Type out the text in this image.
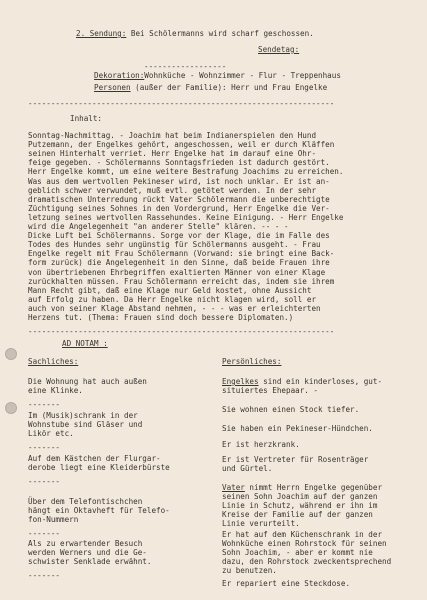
2. Sendung: Bei Schölermanns wird scharf geschossen.
Sendetag:
------------------
Dekoration:Wohnküche - Wohnzimmer - Flur - Treppenhaus
Personen (außer der Familie): Herr und Frau Engelke
-------------------------------------------------------------------
Inhalt:
Sonntag-Nachmittag. - Joachim hat beim Indianerspielen den Hund
Putzemann, der Engelkes gehört, angeschossen, weil er durch Kläffen
seinen Hinterhalt verriet. Herr Engelke hat im darauf eine Ohr-
feige gegeben. - Schölermanns Sonntagsfrieden ist dadurch gestört.
Herr Engelke kommt, um eine weitere Bestrafung Joachims zu erreichen.
Was aus dem wertvollen Pekineser wird, ist noch unklar. Er ist an-
geblich schwer verwundet, muß evtl. getötet werden. In der sehr
dramatischen Unterredung rückt Vater Schölermann die unberechtigte
Züchtigung seines Sohnes in den Vordergrund, Herr Engelke die Ver-
letzung seines wertvollen Rassehundes. Keine Einigung. - Herr Engelke
wird die Angelegenheit "an anderer Stelle" klären. -- - -
Dicke Luft bei Schölermanns. Sorge vor der Klage, die im Falle des
Todes des Hundes sehr ungünstig für Schölermanns ausgeht. - Frau
Engelke regelt mit Frau Schölermann (Vorwand: sie bringt eine Back-
form zurück) die Angelegenheit in den Sinne, daß beide Frauen ihre
von übertriebenen Ehrbegriffen exaltierten Männer von einer Klage
zurückhalten müssen. Frau Schölermann erreicht das, indem sie ihrem
Mann Recht gibt, daß eine Klage nur Geld kostet, ohne Aussicht
auf Erfolg zu haben. Da Herr Engelke nicht klagen wird, soll er
auch von seiner Klage Abstand nehmen, - - - was er erleichterten
Herzens tut. (Thema: Frauen sind doch bessere Diplomaten.)
-------------------------------------------------------------------
AD NOTAM :
Sachliches:	Persönliches:
Die Wohnung hat auch außen
eine Klinke.
-------
Im (Musik)schrank in der
Wohnstube sind Gläser und
Likör etc.
-------
Auf dem Kästchen der Flurgar-
derobe liegt eine Kleiderbürste
-------
Über dem Telefontischchen
hängt ein Oktavheft für Telefo-
fon-Nummern
-------
Als zu erwartender Besuch
werden Werners und die Ge-
schwister Senklade erwähnt.
-------
Engelkes sind ein kinderloses, gut-
situiertes Ehepaar. -
Sie wohnen einen Stock tiefer.
Sie haben ein Pekineser-Hündchen.
Er ist herzkrank.
Er ist Vertreter für Rosenträger
und Gürtel.
Vater nimmt Herrn Engelke gegenüber
seinen Sohn Joachim auf der ganzen
Linie in Schutz, während er ihn im
Kreise der Familie auf der ganzen
Linie verurteilt.
Er hat auf dem Küchenschrank in der
Wohnküche einen Rohrstock für seinen
Sohn Joachim, - aber er kommt nie
dazu, den Rohrstock zweckentsprechend
zu benutzen.
Er repariert eine Steckdose.
